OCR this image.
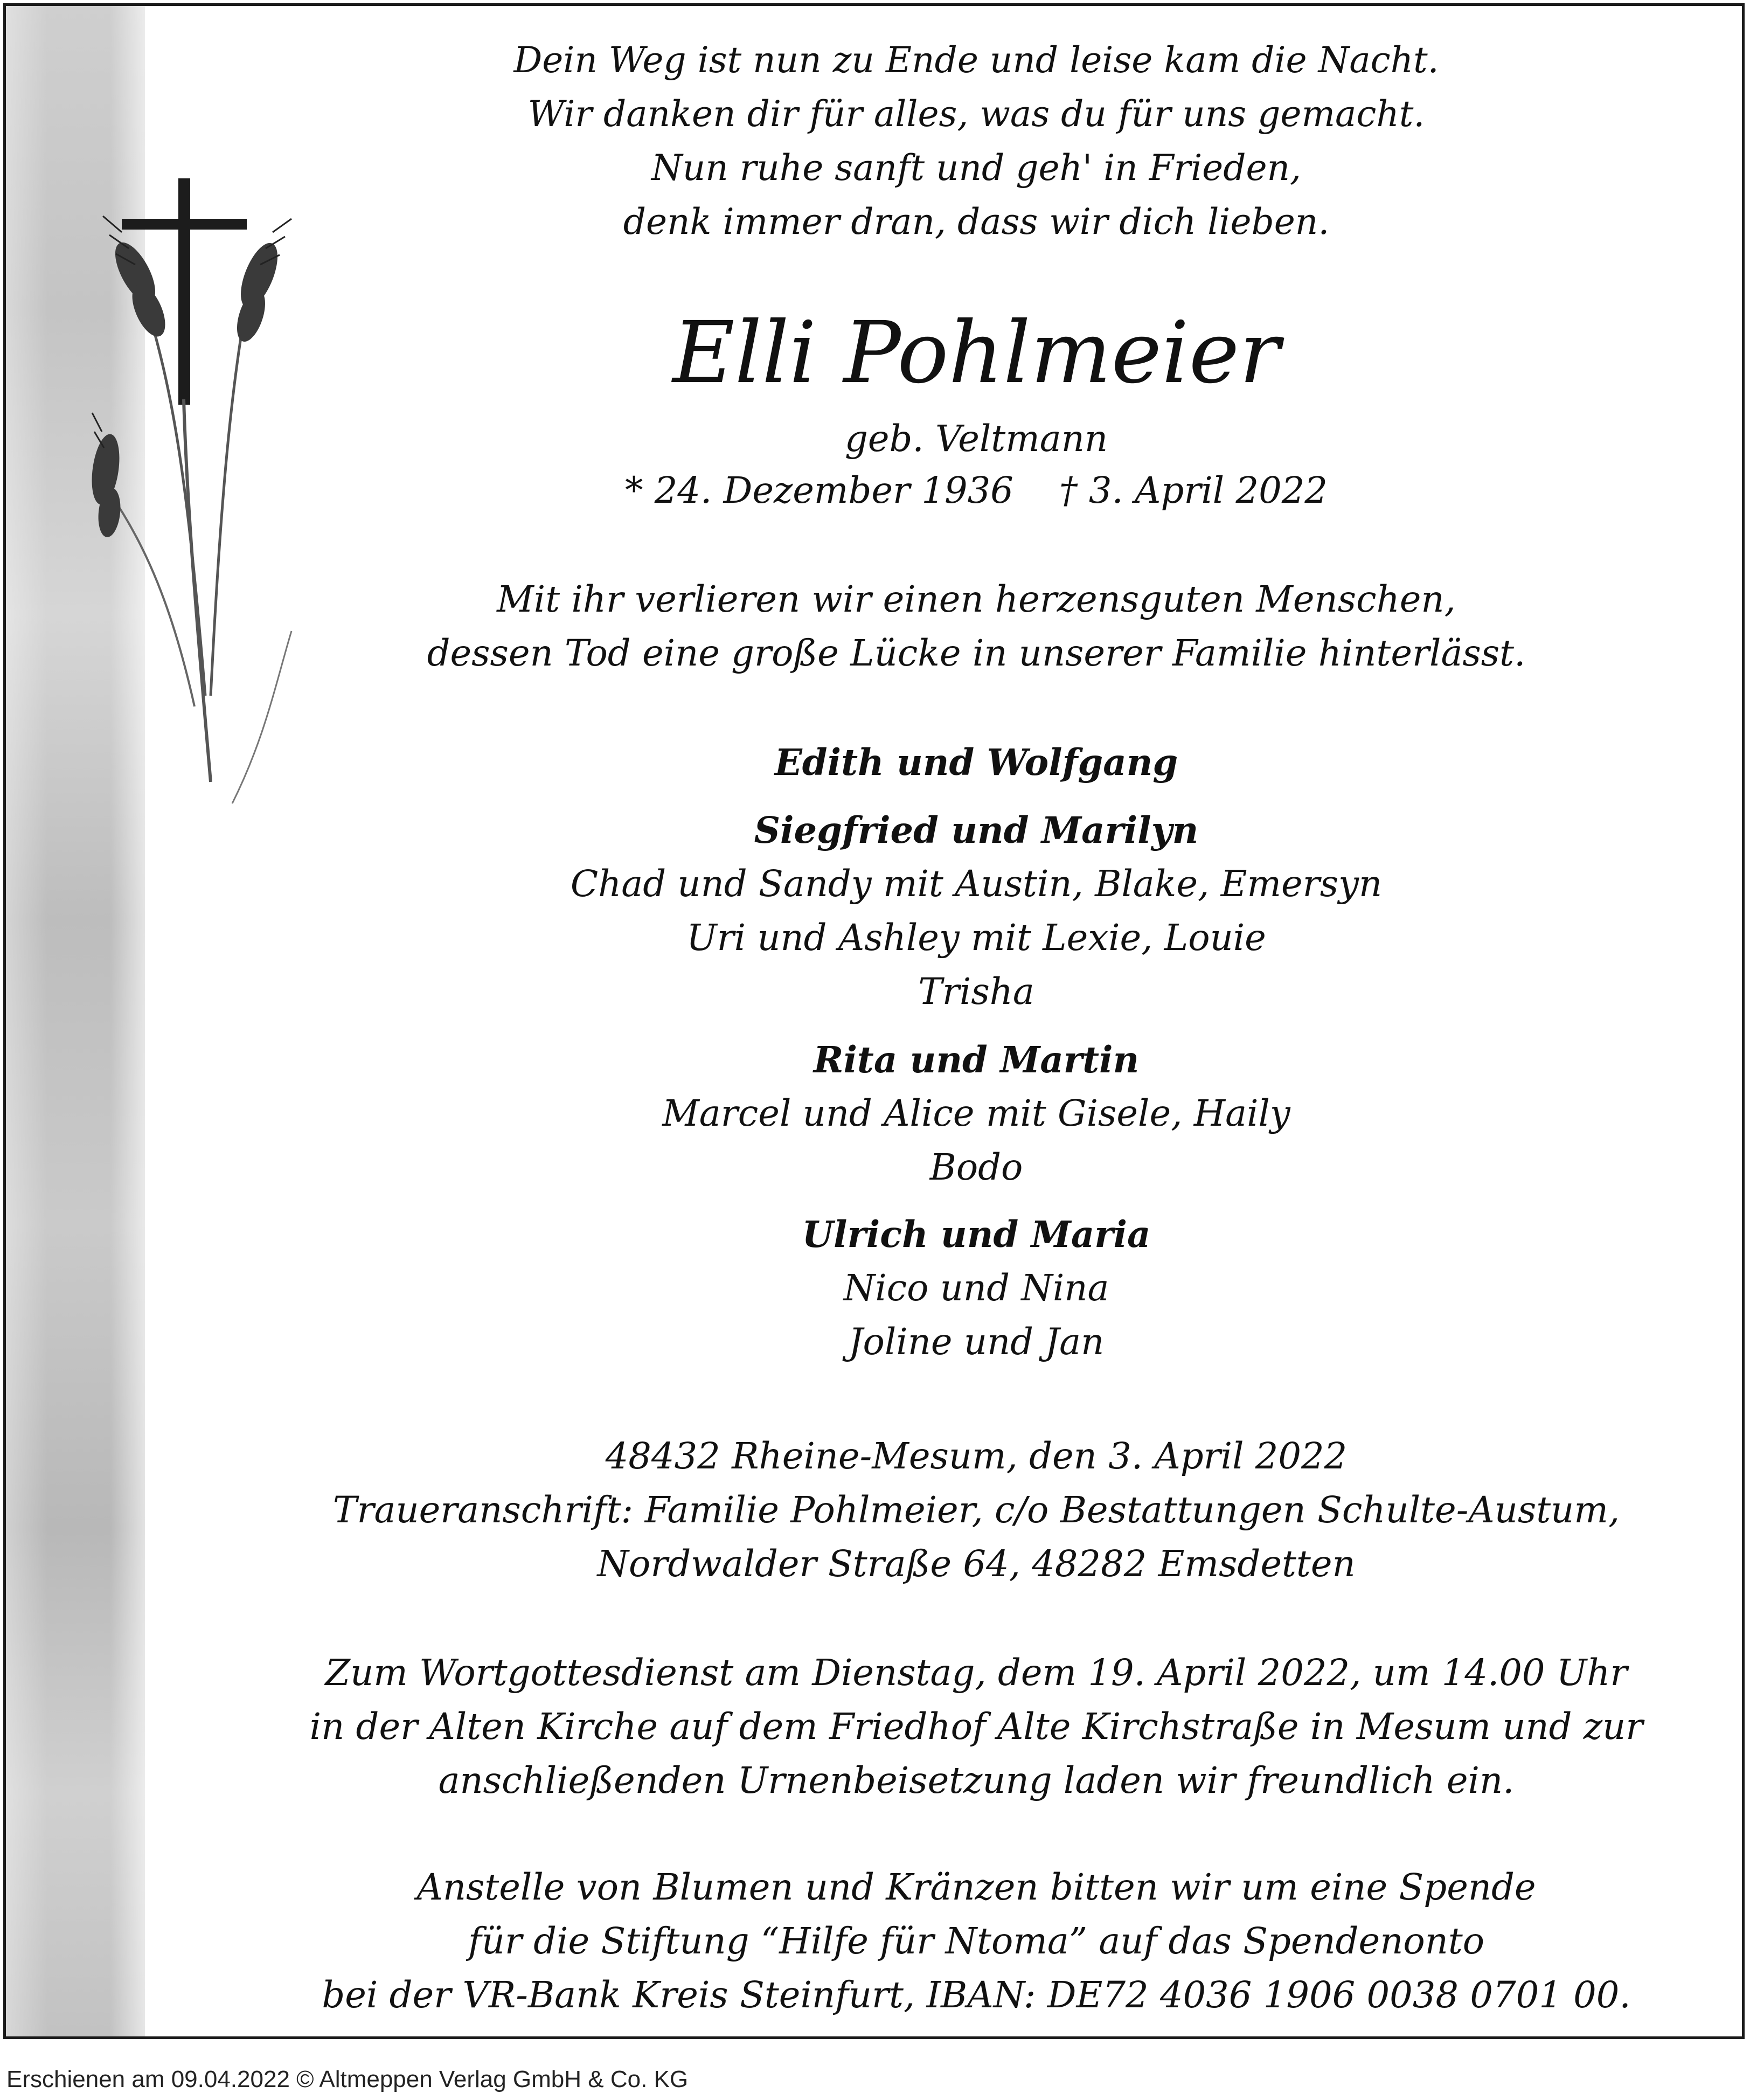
Dein Weg ist nun zu Ende und leise kam die Nacht.
Wir danken dir für alles, was du für uns gemacht.
Nun ruhe sanft und geh' in Frieden,
denk immer dran, dass wir dich lieben.
Elli Pohlmeier
geb. Veltmann
* 24. Dezember 1936    † 3. April 2022
Mit ihr verlieren wir einen herzensguten Menschen,
dessen Tod eine große Lücke in unserer Familie hinterlässt.
Edith und Wolfgang
Siegfried und Marilyn
Chad und Sandy mit Austin, Blake, Emersyn
Uri und Ashley mit Lexie, Louie
Trisha
Rita und Martin
Marcel und Alice mit Gisele, Haily
Bodo
Ulrich und Maria
Nico und Nina
Joline und Jan
48432 Rheine-Mesum, den 3. April 2022
Traueranschrift: Familie Pohlmeier, c/o Bestattungen Schulte-Austum,
Nordwalder Straße 64, 48282 Emsdetten
Zum Wortgottesdienst am Dienstag, dem 19. April 2022, um 14.00 Uhr
in der Alten Kirche auf dem Friedhof Alte Kirchstraße in Mesum und zur
anschließenden Urnenbeisetzung laden wir freundlich ein.
Anstelle von Blumen und Kränzen bitten wir um eine Spende
für die Stiftung “Hilfe für Ntoma” auf das Spendenonto
bei der VR-Bank Kreis Steinfurt, IBAN: DE72 4036 1906 0038 0701 00.
Erschienen am 09.04.2022 © Altmeppen Verlag GmbH & Co. KG
